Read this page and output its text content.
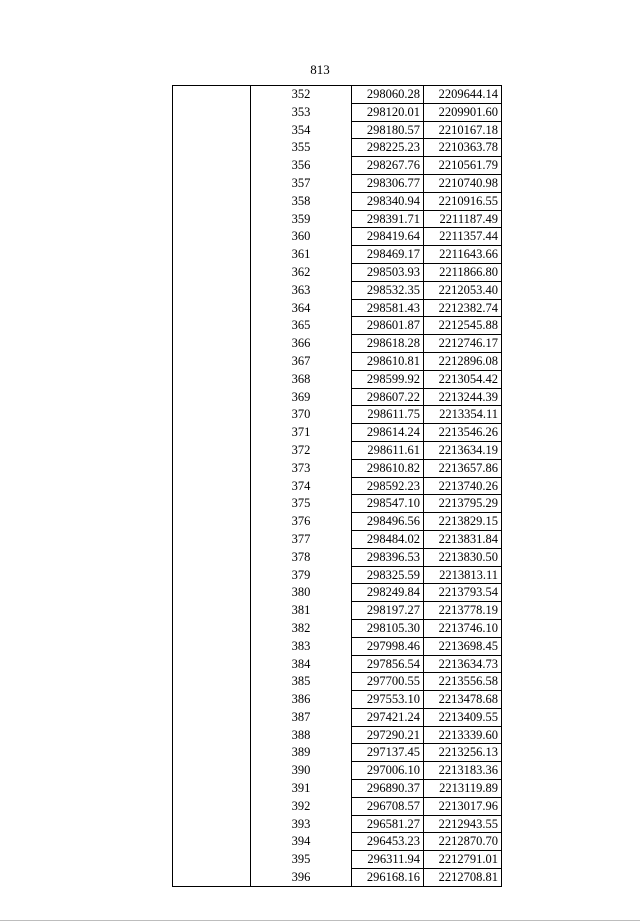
813
	352	298060.28	2209644.14
	353	298120.01	2209901.60
	354	298180.57	2210167.18
	355	298225.23	2210363.78
	356	298267.76	2210561.79
	357	298306.77	2210740.98
	358	298340.94	2210916.55
	359	298391.71	2211187.49
	360	298419.64	2211357.44
	361	298469.17	2211643.66
	362	298503.93	2211866.80
	363	298532.35	2212053.40
	364	298581.43	2212382.74
	365	298601.87	2212545.88
	366	298618.28	2212746.17
	367	298610.81	2212896.08
	368	298599.92	2213054.42
	369	298607.22	2213244.39
	370	298611.75	2213354.11
	371	298614.24	2213546.26
	372	298611.61	2213634.19
	373	298610.82	2213657.86
	374	298592.23	2213740.26
	375	298547.10	2213795.29
	376	298496.56	2213829.15
	377	298484.02	2213831.84
	378	298396.53	2213830.50
	379	298325.59	2213813.11
	380	298249.84	2213793.54
	381	298197.27	2213778.19
	382	298105.30	2213746.10
	383	297998.46	2213698.45
	384	297856.54	2213634.73
	385	297700.55	2213556.58
	386	297553.10	2213478.68
	387	297421.24	2213409.55
	388	297290.21	2213339.60
	389	297137.45	2213256.13
	390	297006.10	2213183.36
	391	296890.37	2213119.89
	392	296708.57	2213017.96
	393	296581.27	2212943.55
	394	296453.23	2212870.70
	395	296311.94	2212791.01
	396	296168.16	2212708.81
